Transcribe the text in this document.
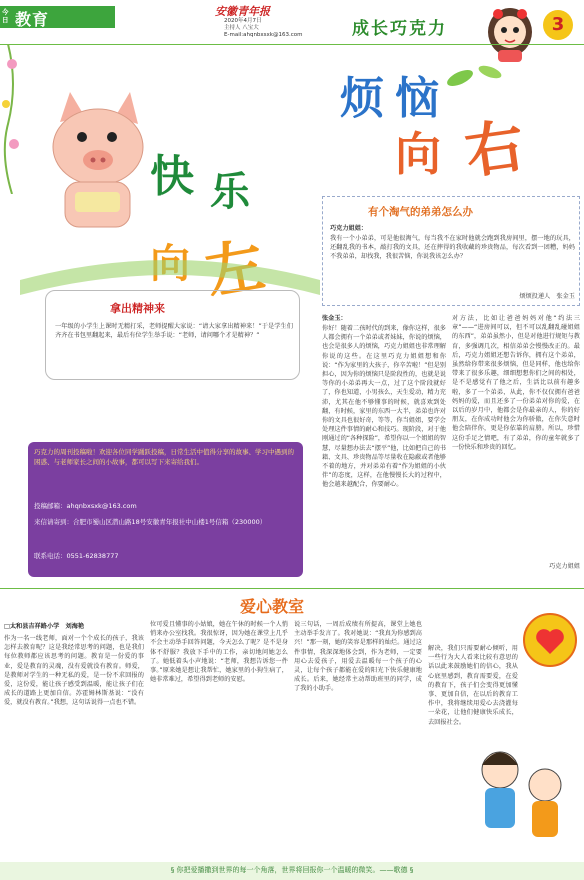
今日 教育	安徽青年报
2020年4月7日
主持人 八宝大
E-mail:ahqnbxsxk@163.com	成长巧克力	3
烦 恼
向 右
快 乐
拿出精神来
一年级的小学生上课时无精打采，老师提醒大家说：“请大家拿出精神来！”于是学生们齐齐在书包里翻起来，最后有位学生举手说：“老师，请问哪个才是精神？”
巧克力的周刊投稿啦！欢迎各位同学踊跃投稿，日常生活中值得分享的故事、学习中遇到的困惑、与老师家长之间的小故事，都可以写下来寄给我们。
投稿邮箱：ahqnbxsxk@163.com
来信请寄到：合肥市蜀山区潜山路18号安徽青年报社中山楼1号信箱（230000）
联系电话：0551-62838777
有个淘气的弟弟怎么办
巧克力姐姐：
我有一个小弟弟，可是他很淘气，每当我不在家时他就会跑到我房间里，摆一地的玩具，还翻乱我的书本，敲打我的文具，还在摔得的我收藏的珍贵物品，每次看到一团糟，妈妈不我弟弟，却找我，我很苦恼，你说我该怎么办？
烦烦投递人　张金玉
张金玉：
你好！随着二孩时代的到来，像你这样，很多人都会拥有一个弟弟或者妹妹，你说的烦恼，也会是很多人的烦恼，巧克力姐姐也非常理解你说的这些。在这里巧克力姐姐想和你说：“作为家里的大孩子，你辛苦啦！”但是别担心，因为你的烦恼只是阶段性的，也就是说等你的小弟弟再大一点，过了这个阶段就好了，你也知道，小男孩么，天生爱动，精力充沛，尤其在他不够懂事的时候，就喜欢到处翻，有时候，家里的东西一大半，弟弟也许对你的文具也很好奇，等等，你当姐姐，要学会处理这件事情的耐心和技巧。现阶段，对于他刚通过的“各种探险”，希望你以一个姐姐的智慧，尽量想办法去“摆平”他，比如把自己的书籍、文具、珍贵物品等尽量收在隐蔽或者他够不着的地方，并对弟弟有着“作为姐姐的小伙伴”的态度，这样，在他慢慢长大的过程中，他会越来越配合，你要耐心。
对方法，比如让爸爸妈妈对他“约法三章”——“进房间可以，但不可以乱翻乱碰姐姐的东西”，弟弟虽然小，但是对他进行规矩与教育，多强调几次，相信弟弟会慢慢改正的。最后，巧克力姐姐还想告诉你，拥有这个弟弟，虽然给你带来很多烦恼，但是同样，他也给你带来了很多乐趣，细细想想你们之间的相处，是不是感觉有了他之后，生活比以前有趣多啦，多了一个弟弟，从此，你不仅仅拥有爸爸妈妈的爱，而且还多了一份弟弟对你的爱，在以后的岁月中，他都会是你最亲的人，你的好朋友，在你成功时他会为你骄傲，在你失意时他会陪伴你，更是你依靠的肩膀。所以，珍惜这份手足之情吧，有了弟弟，你的童年就多了一份快乐和珍贵的回忆。
巧克力姐姐
爱心教室
□太和县吉祥路小学　刘海艳
作为一名一线老师，面对一个个成长的孩子，我该怎样去教育呢？这是我经常思考的问题，也是我们每位教师都应该思考的问题。教育是一份爱的事业，爱是教育的灵魂，没有爱就没有教育。师爱，是教师对学生的一种无私的爱，是一份不求回报的爱，这份爱，能让孩子感受到温暖，能让孩子们在成长的道路上更加自信。苏霍姆林斯基说：“没有爱，就没有教育。”我想，这句话说得一点也不错。
位可爱且懂事的小姑娘，她在午休的时候一个人悄悄来办公室找我。我很惊讶，因为她在课堂上几乎不会主动举手回答问题，今天怎么了呢？是不是身体不舒服？我放下手中的工作，亲切地问她怎么了。她低着头小声地说：“老师，我想告诉您一件事。”原来她是想让我帮忙，她家里的小狗生病了，她非常难过，希望得到老师的安慰。
说三句话，一周后成绩有所提高，课堂上她也主动举手发言了。我对她说：“我真为你感到高兴！”那一刻，她的笑容是那样的灿烂。通过这件事情，我深深地体会到，作为老师，一定要用心去爱孩子，用爱去温暖每一个孩子的心灵，让每个孩子都能在爱的阳光下快乐健康地成长。后来，她经常主动帮助班里的同学，成了我的小助手。
解决，我们只需要耐心倾听，用一些行为大人看来比较有意思的话以此来鼓励她们的信心，我从心底里感到，教育需要爱，在爱的教育下，孩子们会变得更加懂事、更加自信，在以后的教育工作中，我将继续用爱心去浇灌每一朵花，让他们健康快乐成长，去回报社会。
§ 你把爱播撒到世界的每一个角落，世界将回报你一个温暖的微笑。——歌德 §
